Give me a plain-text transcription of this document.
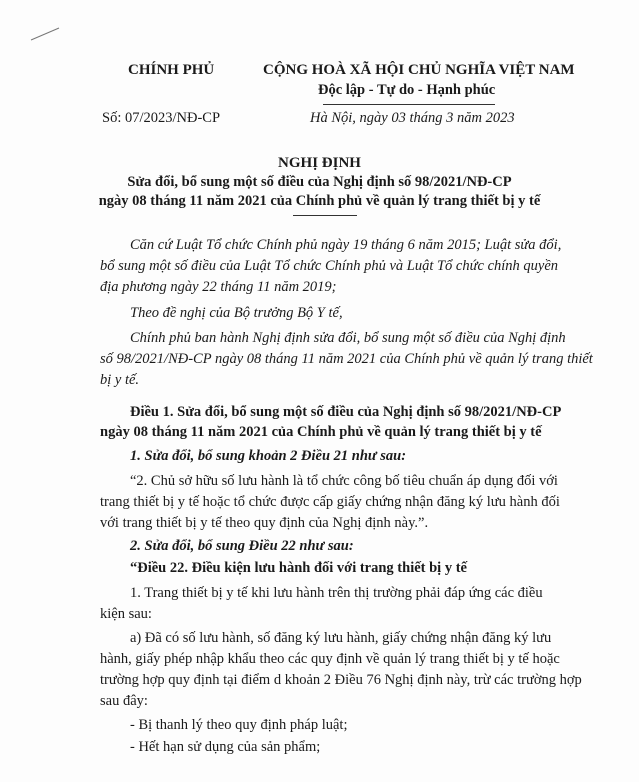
CHÍNH PHỦ	CỘNG HOÀ XÃ HỘI CHỦ NGHĨA VIỆT NAM
Độc lập - Tự do - Hạnh phúc
Số: 07/2023/NĐ-CP	Hà Nội, ngày 03 tháng 3 năm 2023
NGHỊ ĐỊNH
Sửa đổi, bổ sung một số điều của Nghị định số 98/2021/NĐ-CP
ngày 08 tháng 11 năm 2021 của Chính phủ về quản lý trang thiết bị y tế
Căn cứ Luật Tổ chức Chính phủ ngày 19 tháng 6 năm 2015; Luật sửa đổi,
bổ sung một số điều của Luật Tổ chức Chính phủ và Luật Tổ chức chính quyền
địa phương ngày 22 tháng 11 năm 2019;
Theo đề nghị của Bộ trưởng Bộ Y tế,
Chính phủ ban hành Nghị định sửa đổi, bổ sung một số điều của Nghị định
số 98/2021/NĐ-CP ngày 08 tháng 11 năm 2021 của Chính phủ về quản lý trang thiết
bị y tế.
Điều 1. Sửa đổi, bổ sung một số điều của Nghị định số 98/2021/NĐ-CP
ngày 08 tháng 11 năm 2021 của Chính phủ về quản lý trang thiết bị y tế
1. Sửa đổi, bổ sung khoản 2 Điều 21 như sau:
“2. Chủ sở hữu số lưu hành là tổ chức công bố tiêu chuẩn áp dụng đối với
trang thiết bị y tế hoặc tổ chức được cấp giấy chứng nhận đăng ký lưu hành đối
với trang thiết bị y tế theo quy định của Nghị định này.”.
2. Sửa đổi, bổ sung Điều 22 như sau:
“Điều 22. Điều kiện lưu hành đối với trang thiết bị y tế
1. Trang thiết bị y tế khi lưu hành trên thị trường phải đáp ứng các điều
kiện sau:
a) Đã có số lưu hành, số đăng ký lưu hành, giấy chứng nhận đăng ký lưu
hành, giấy phép nhập khẩu theo các quy định về quản lý trang thiết bị y tế hoặc
trường hợp quy định tại điểm d khoản 2 Điều 76 Nghị định này, trừ các trường hợp
sau đây:
- Bị thanh lý theo quy định pháp luật;
- Hết hạn sử dụng của sản phẩm;
